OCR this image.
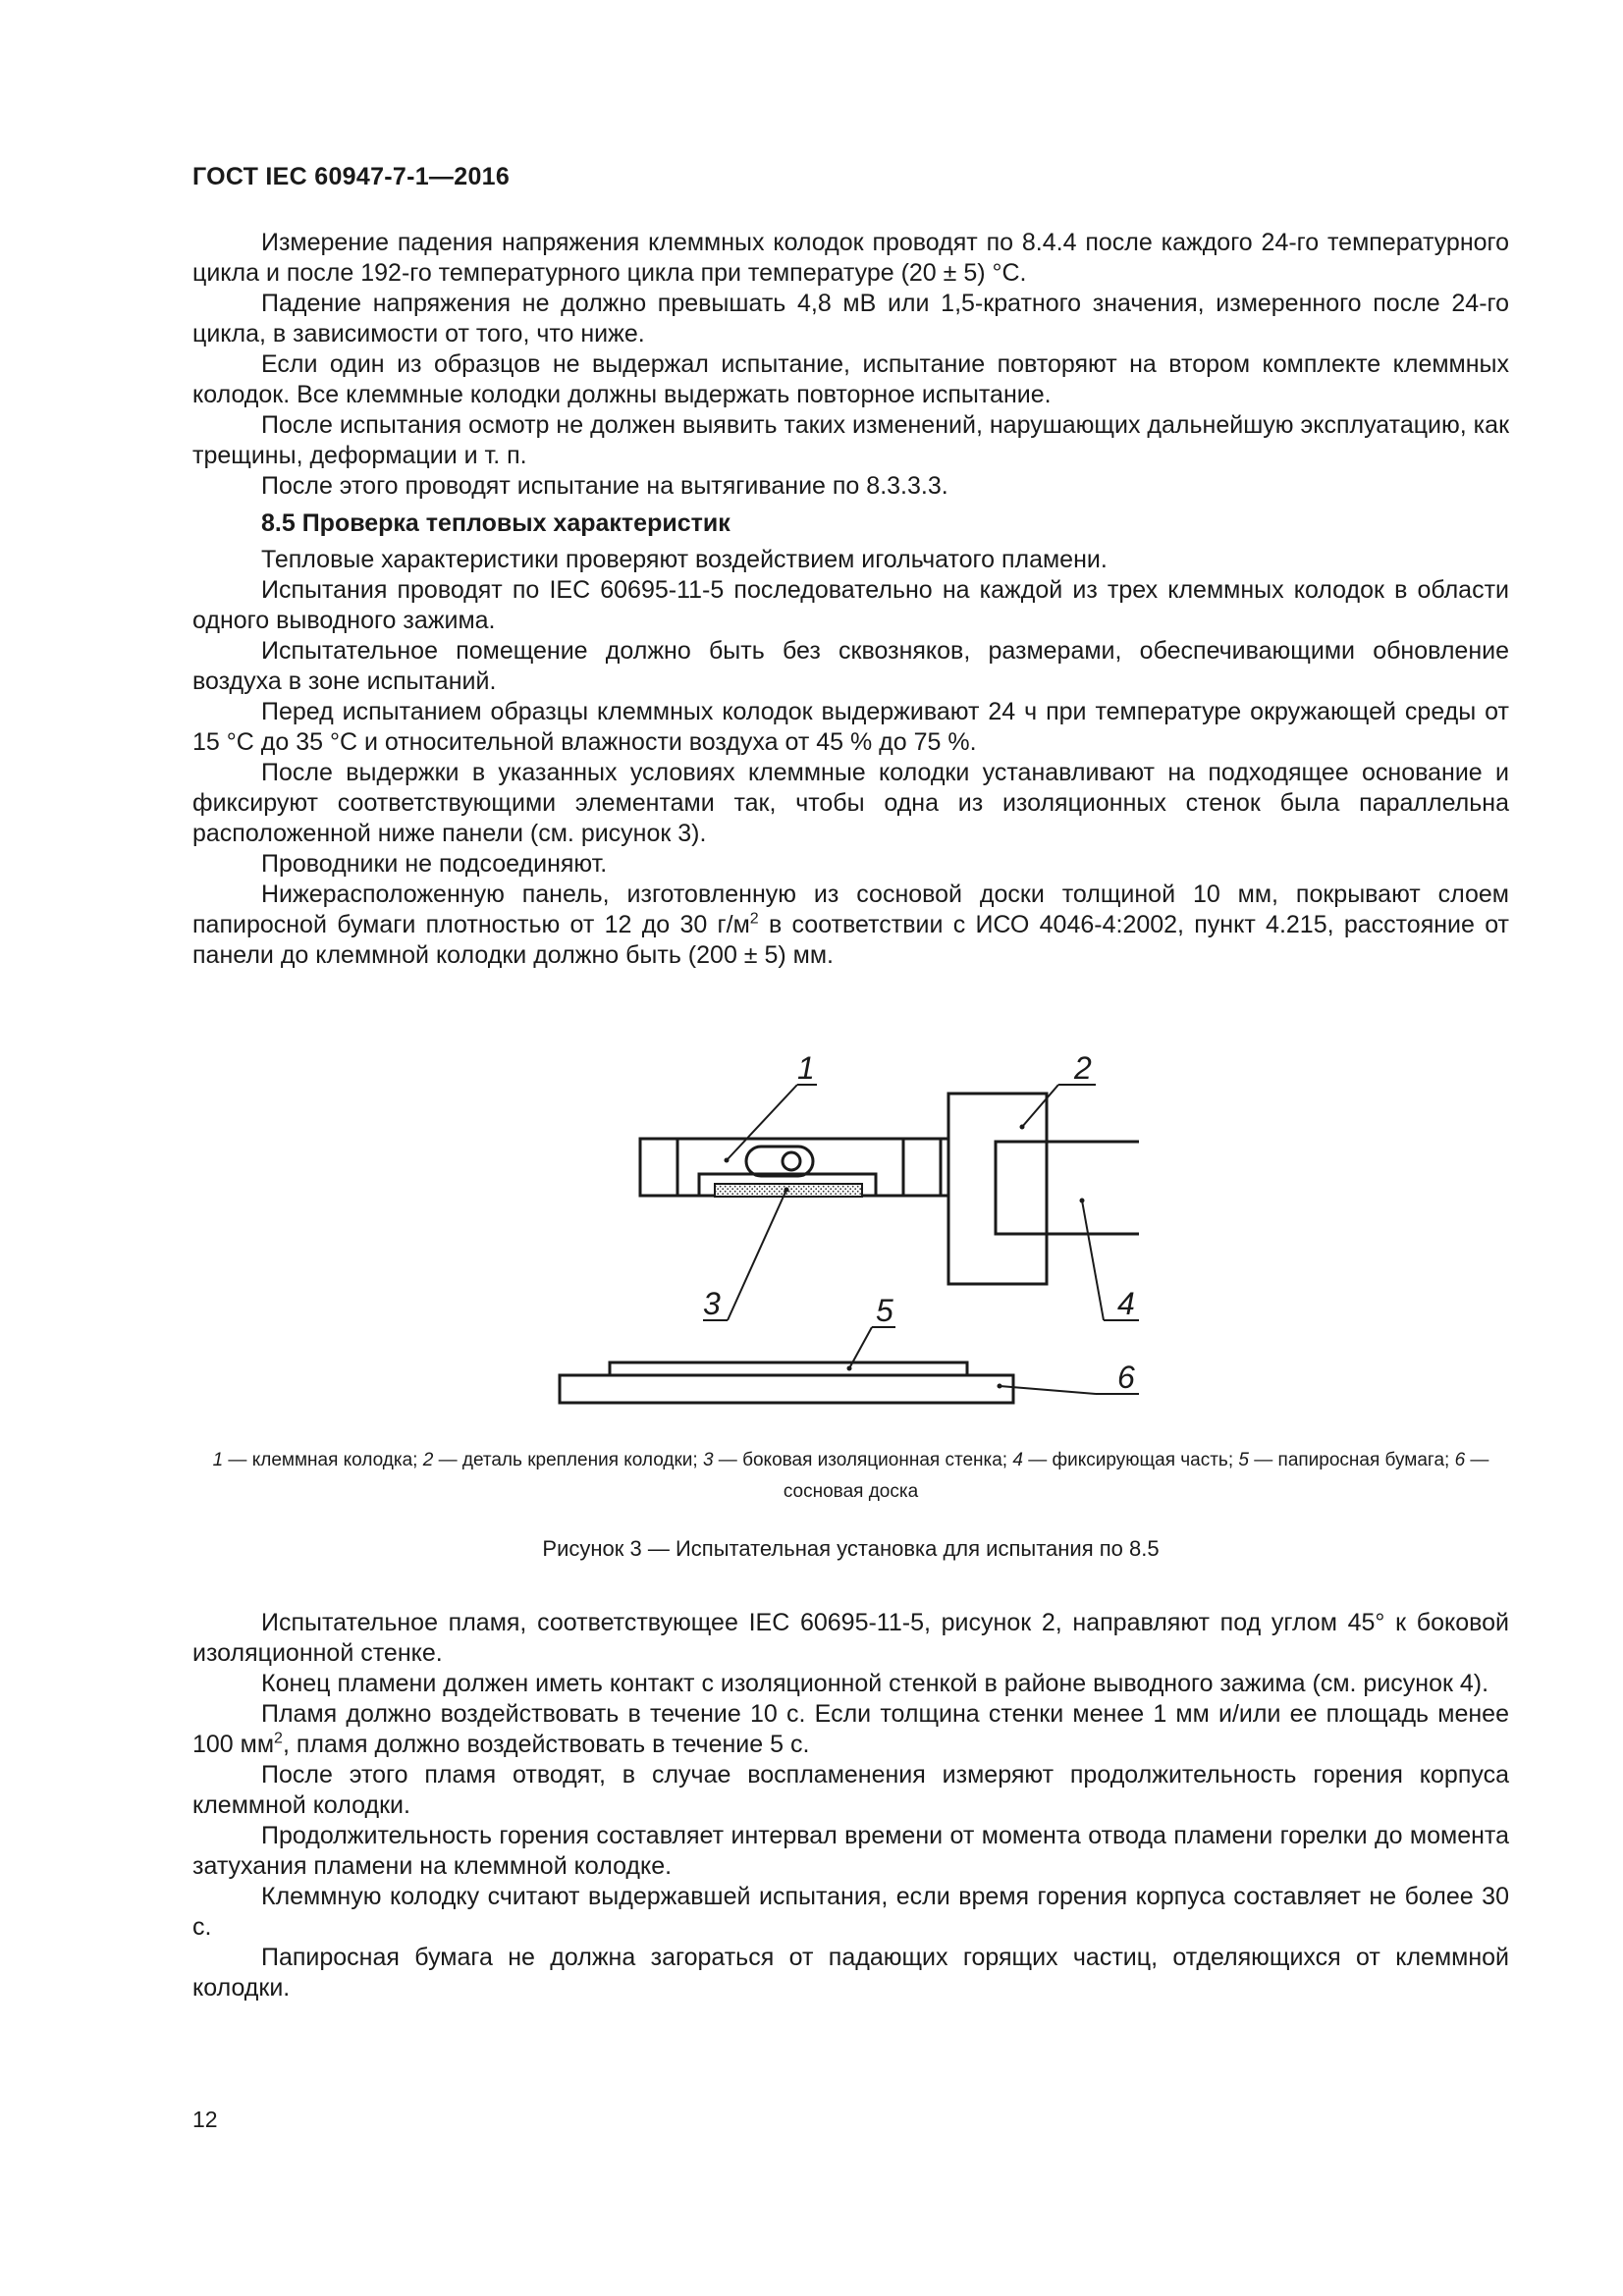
ГОСТ IEC 60947-7-1—2016

Измерение падения напряжения клеммных колодок проводят по 8.4.4 после каждого 24-го температурного цикла и после 192-го температурного цикла при температуре (20 ± 5) °C.

Падение напряжения не должно превышать 4,8 мВ или 1,5-кратного значения, измеренного после 24-го цикла, в зависимости от того, что ниже.

Если один из образцов не выдержал испытание, испытание повторяют на втором комплекте клеммных колодок. Все клеммные колодки должны выдержать повторное испытание.

После испытания осмотр не должен выявить таких изменений, нарушающих дальнейшую эксплуатацию, как трещины, деформации и т. п.

После этого проводят испытание на вытягивание по 8.3.3.3.

8.5 Проверка тепловых характеристик

Тепловые характеристики проверяют воздействием игольчатого пламени.

Испытания проводят по IEC 60695-11-5 последовательно на каждой из трех клеммных колодок в области одного выводного зажима.

Испытательное помещение должно быть без сквозняков, размерами, обеспечивающими обновление воздуха в зоне испытаний.

Перед испытанием образцы клеммных колодок выдерживают 24 ч при температуре окружающей среды от 15 °C до 35 °C и относительной влажности воздуха от 45 % до 75 %.

После выдержки в указанных условиях клеммные колодки устанавливают на подходящее основание и фиксируют соответствующими элементами так, чтобы одна из изоляционных стенок была параллельна расположенной ниже панели (см. рисунок 3).

Проводники не подсоединяют.

Нижерасположенную панель, изготовленную из сосновой доски толщиной 10 мм, покрывают слоем папиросной бумаги плотностью от 12 до 30 $г/м^2$ в соответствии с ИСО 4046-4:2002, пункт 4.215, расстояние от панели до клеммной колодки должно быть (200 ± 5) мм.

1	2
3	4
5
6

1 — клеммная колодка; 2 — деталь крепления колодки; 3 — боковая изоляционная стенка; 4 — фиксирующая часть; 5 — папиросная бумага; 6 — сосновая доска

Рисунок 3 — Испытательная установка для испытания по 8.5

Испытательное пламя, соответствующее IEC 60695-11-5, рисунок 2, направляют под углом 45° к боковой изоляционной стенке.

Конец пламени должен иметь контакт с изоляционной стенкой в районе выводного зажима (см. рисунок 4).

Пламя должно воздействовать в течение 10 с. Если толщина стенки менее 1 мм и/или ее площадь менее 100 $мм^2$, пламя должно воздействовать в течение 5 с.

После этого пламя отводят, в случае воспламенения измеряют продолжительность горения корпуса клеммной колодки.

Продолжительность горения составляет интервал времени от момента отвода пламени горелки до момента затухания пламени на клеммной колодке.

Клеммную колодку считают выдержавшей испытания, если время горения корпуса составляет не более 30 с.

Папиросная бумага не должна загораться от падающих горящих частиц, отделяющихся от клеммной колодки.

12
